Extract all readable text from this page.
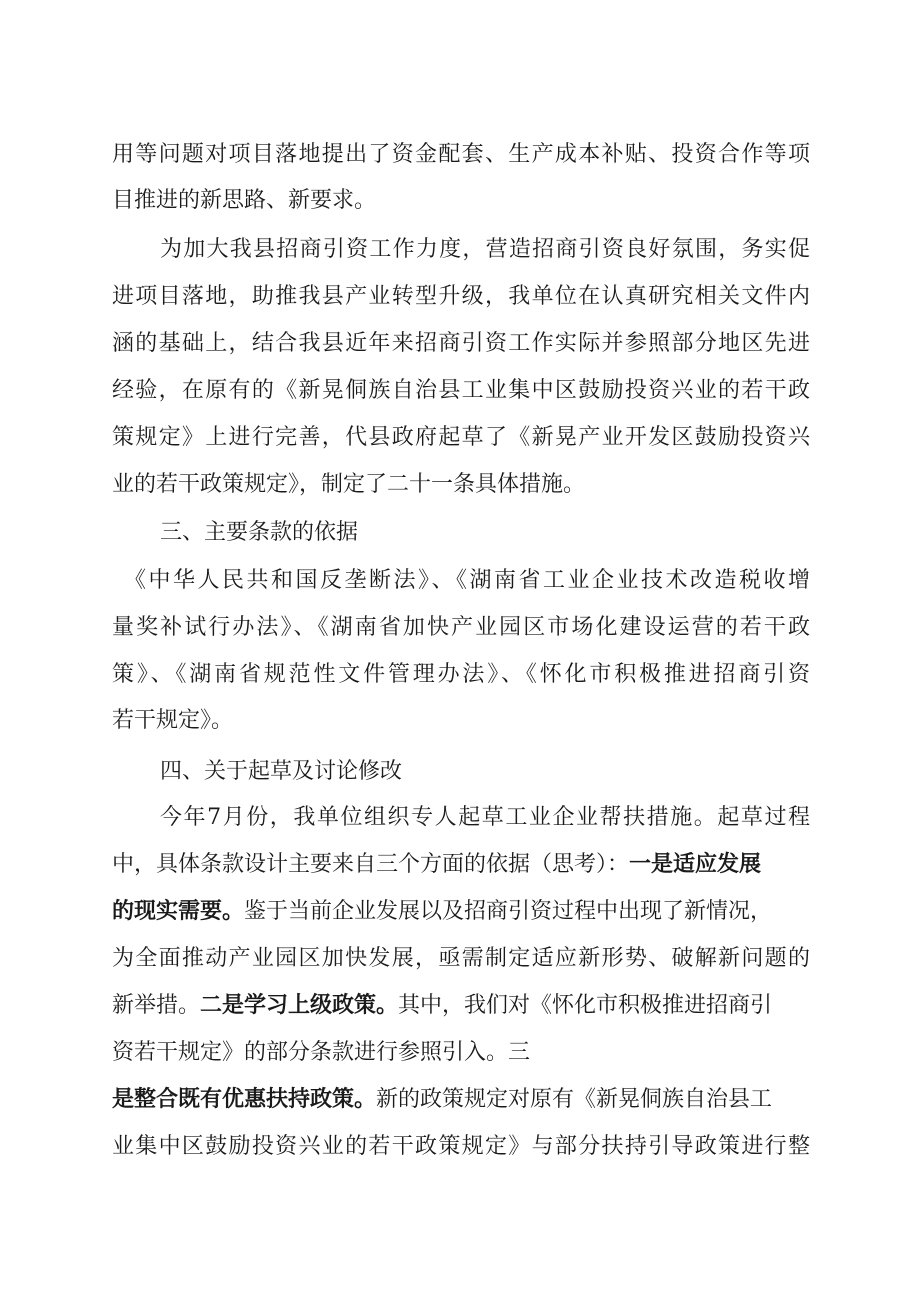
用等问题对项目落地提出了资金配套、生产成本补贴、投资合作等项
目推进的新思路、新要求。
为加大我县招商引资工作力度，营造招商引资良好氛围，务实促
进项目落地，助推我县产业转型升级，我单位在认真研究相关文件内
涵的基础上，结合我县近年来招商引资工作实际并参照部分地区先进
经验，在原有的《新晃侗族自治县工业集中区鼓励投资兴业的若干政
策规定》上进行完善，代县政府起草了《新晃产业开发区鼓励投资兴
业的若干政策规定》，制定了二十一条具体措施。
三、主要条款的依据
《中华人民共和国反垄断法》、《湖南省工业企业技术改造税收增
量奖补试行办法》、《湖南省加快产业园区市场化建设运营的若干政
策》、《湖南省规范性文件管理办法》、《怀化市积极推进招商引资
若干规定》。
四、关于起草及讨论修改
今年7月份，我单位组织专人起草工业企业帮扶措施。起草过程
中，具体条款设计主要来自三个方面的依据（思考）：一是适应发展
的现实需要。鉴于当前企业发展以及招商引资过程中出现了新情况，
为全面推动产业园区加快发展，亟需制定适应新形势、破解新问题的
新举措。二是学习上级政策。其中，我们对《怀化市积极推进招商引
资若干规定》的部分条款进行参照引入。三
是整合既有优惠扶持政策。新的政策规定对原有《新晃侗族自治县工
业集中区鼓励投资兴业的若干政策规定》与部分扶持引导政策进行整
